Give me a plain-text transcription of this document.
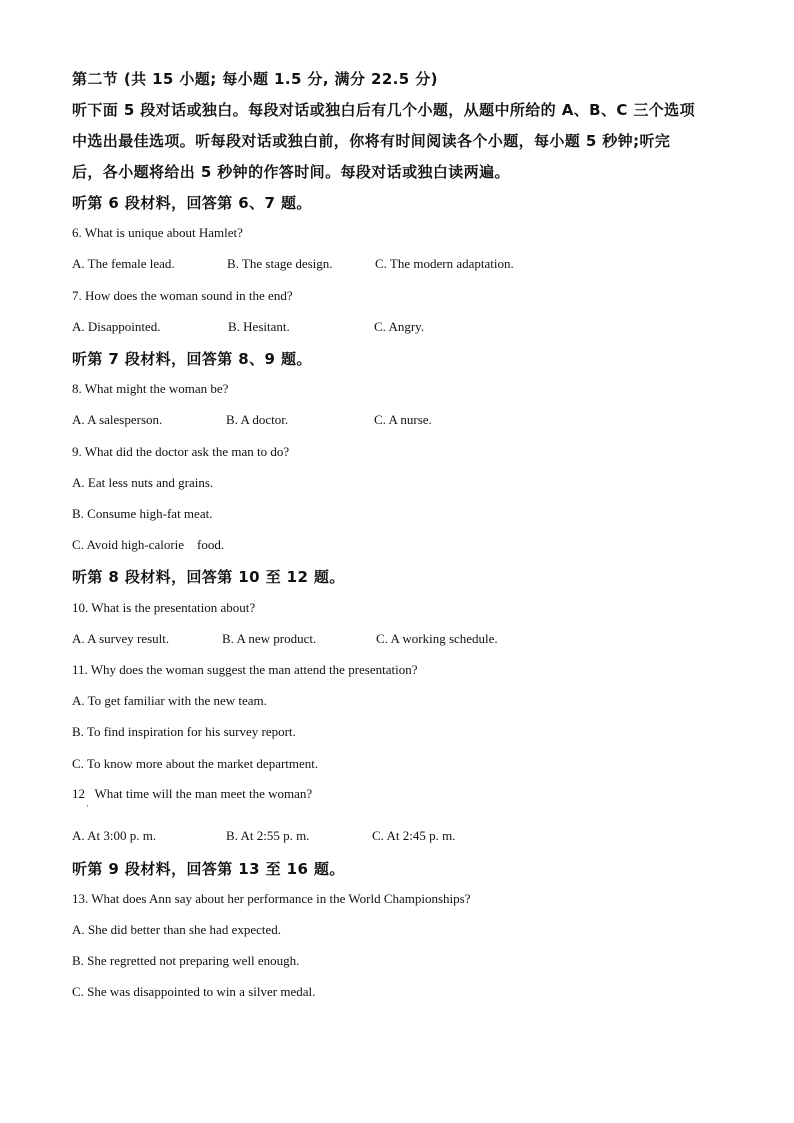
第二节 (共 15 小题; 每小题 1.5 分, 满分 22.5 分)
听下面 5 段对话或独白。每段对话或独白后有几个小题，从题中所给的 A、B、C 三个选项
中选出最佳选项。听每段对话或独白前，你将有时间阅读各个小题，每小题 5 秒钟;听完
后，各小题将给出 5 秒钟的作答时间。每段对话或独白读两遍。
听第 6 段材料，回答第 6、7 题。
6. What is unique about Hamlet?
A. The female lead.	B. The stage design.	C. The modern adaptation.
7. How does the woman sound in the end?
A. Disappointed.	B. Hesitant.	C. Angry.
听第 7 段材料，回答第 8、9 题。
8. What might the woman be?
A. A salesperson.	B. A doctor.	C. A nurse.
9. What did the doctor ask the man to do?
A. Eat less nuts and grains.
B. Consume high-fat meat.
C. Avoid high-calorie    food.
听第 8 段材料，回答第 10 至 12 题。
10. What is the presentation about?
A. A survey result.	B. A new product.	C. A working schedule.
11. Why does the woman suggest the man attend the presentation?
A. To get familiar with the new team.
B. To find inspiration for his survey report.
C. To know more about the market department.
12   What time will the man meet the woman?
·
A. At 3:00 p. m.	B. At 2:55 p. m.	C. At 2:45 p. m.
听第 9 段材料，回答第 13 至 16 题。
13. What does Ann say about her performance in the World Championships?
A. She did better than she had expected.
B. She regretted not preparing well enough.
C. She was disappointed to win a silver medal.
